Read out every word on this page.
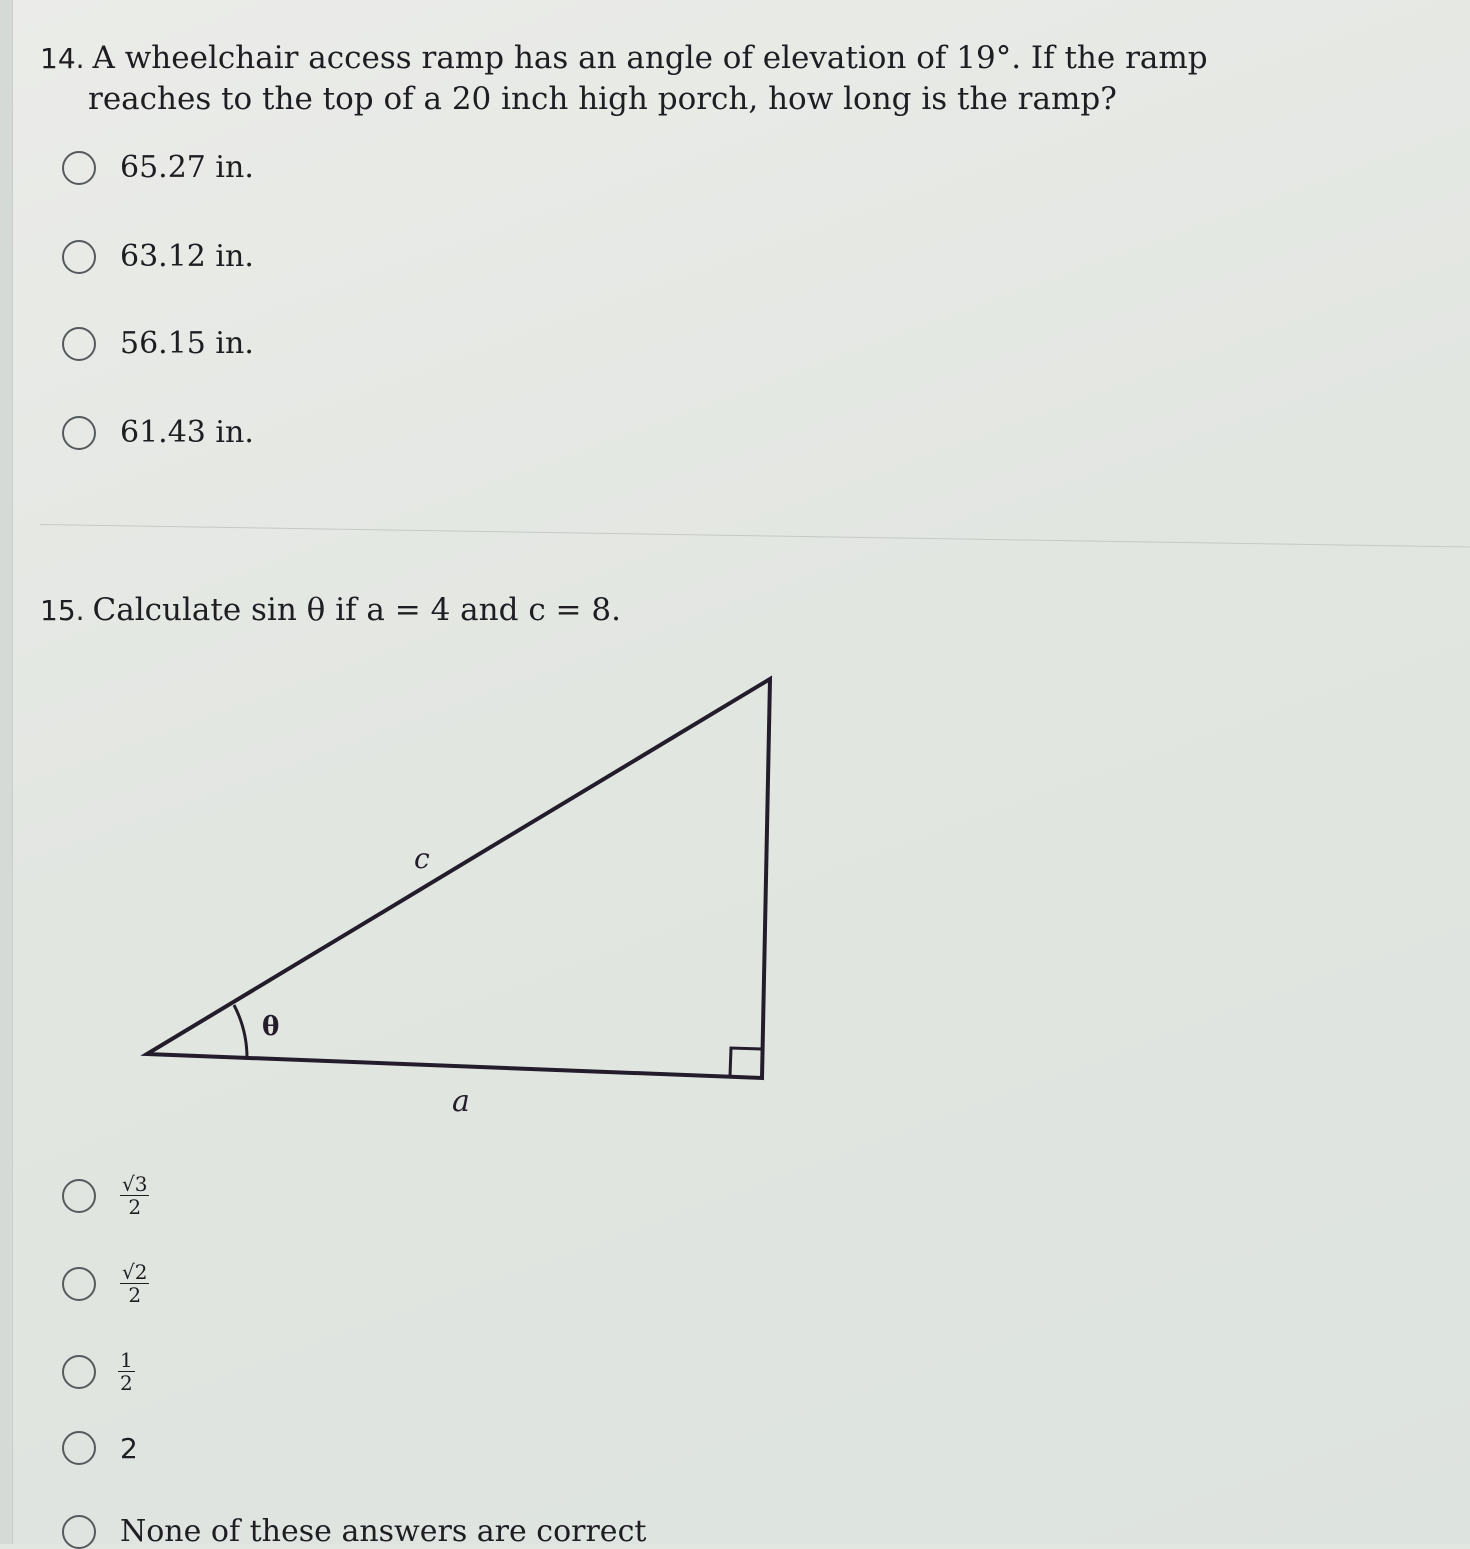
14. A wheelchair access ramp has an angle of elevation of 19°. If the ramp
reaches to the top of a 20 inch high porch, how long is the ramp?

65.27 in.
63.12 in.
56.15 in.
61.43 in.

15. Calculate sin θ if a = 4 and c = 8.

c
θ
a
$\frac{√3}{2}$
$\frac{√2}{2}$
$\frac{1}{2}$
2
None of these answers are correct
